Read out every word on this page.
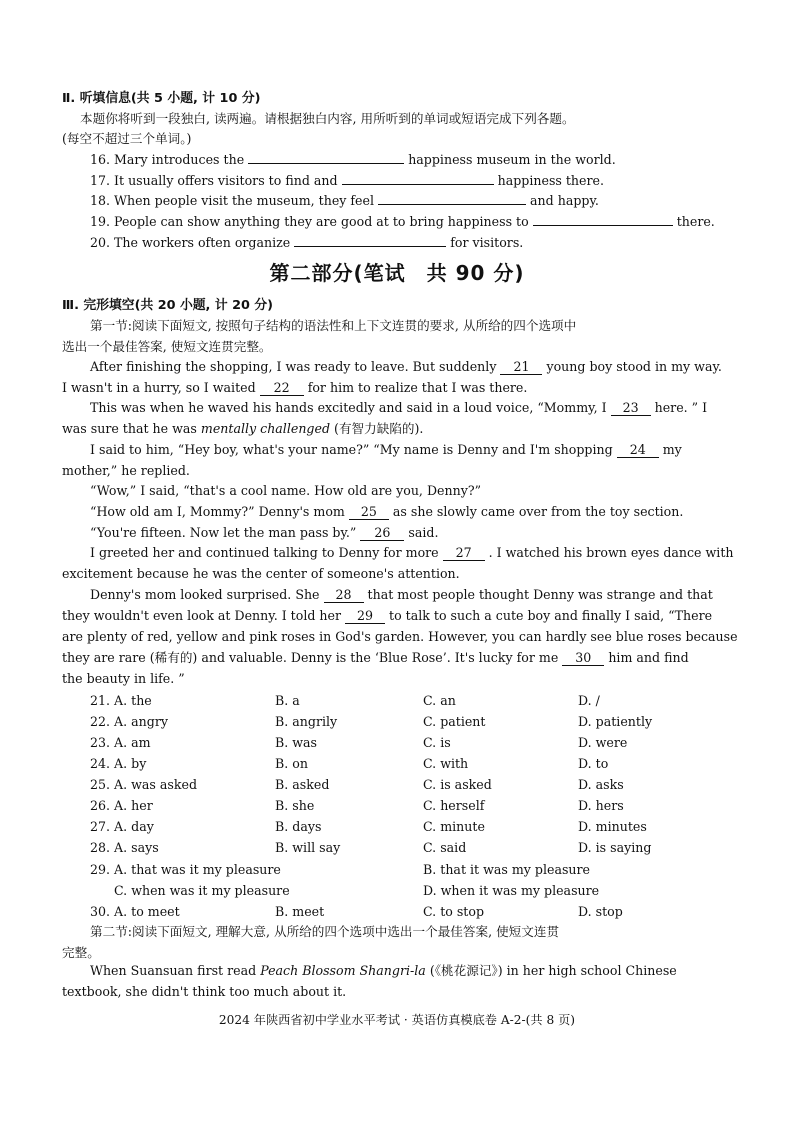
Ⅱ. 听填信息(共 5 小题, 计 10 分)
本题你将听到一段独白, 读两遍。请根据独白内容, 用所听到的单词或短语完成下列各题。
(每空不超过三个单词。)
16. Mary introduces the	happiness museum in the world.
17. It usually offers visitors to find and	happiness there.
18. When people visit the museum, they feel	and happy.
19. People can show anything they are good at to bring happiness to	there.
20. The workers often organize	for visitors.
第二部分(笔试　共 90 分)
Ⅲ. 完形填空(共 20 小题, 计 20 分)
第一节:阅读下面短文, 按照句子结构的语法性和上下文连贯的要求, 从所给的四个选项中
选出一个最佳答案, 使短文连贯完整。
After finishing the shopping, I was ready to leave. But suddenly 21 young boy stood in my way.
I wasn't in a hurry, so I waited 22 for him to realize that I was there.
This was when he waved his hands excitedly and said in a loud voice, “Mommy, I 23 here. ” I
was sure that he was mentally challenged (有智力缺陷的).
I said to him, “Hey boy, what's your name?” “My name is Denny and I'm shopping 24 my
mother,” he replied.
“Wow,” I said, “that's a cool name. How old are you, Denny?”
“How old am I, Mommy?” Denny's mom 25 as she slowly came over from the toy section.
“You're fifteen. Now let the man pass by.” 26 said.
I greeted her and continued talking to Denny for more 27 . I watched his brown eyes dance with
excitement because he was the center of someone's attention.
Denny's mom looked surprised. She 28 that most people thought Denny was strange and that
they wouldn't even look at Denny. I told her 29 to talk to such a cute boy and finally I said, “There
are plenty of red, yellow and pink roses in God's garden. However, you can hardly see blue roses because
they are rare (稀有的) and valuable. Denny is the ‘Blue Rose’. It's lucky for me 30 him and find
the beauty in life. ”
21. A. the	B. a	C. an	D. /
22. A. angry	B. angrily	C. patient	D. patiently
23. A. am	B. was	C. is	D. were
24. A. by	B. on	C. with	D. to
25. A. was asked	B. asked	C. is asked	D. asks
26. A. her	B. she	C. herself	D. hers
27. A. day	B. days	C. minute	D. minutes
28. A. says	B. will say	C. said	D. is saying
29. A. that was it my pleasure	B. that it was my pleasure
C. when was it my pleasure	D. when it was my pleasure
30. A. to meet	B. meet	C. to stop	D. stop
第二节:阅读下面短文, 理解大意, 从所给的四个选项中选出一个最佳答案, 使短文连贯
完整。
When Suansuan first read Peach Blossom Shangri-la (《桃花源记》) in her high school Chinese
textbook, she didn't think too much about it.
2024 年陕西省初中学业水平考试 · 英语仿真模底卷 A-2-(共 8 页)
